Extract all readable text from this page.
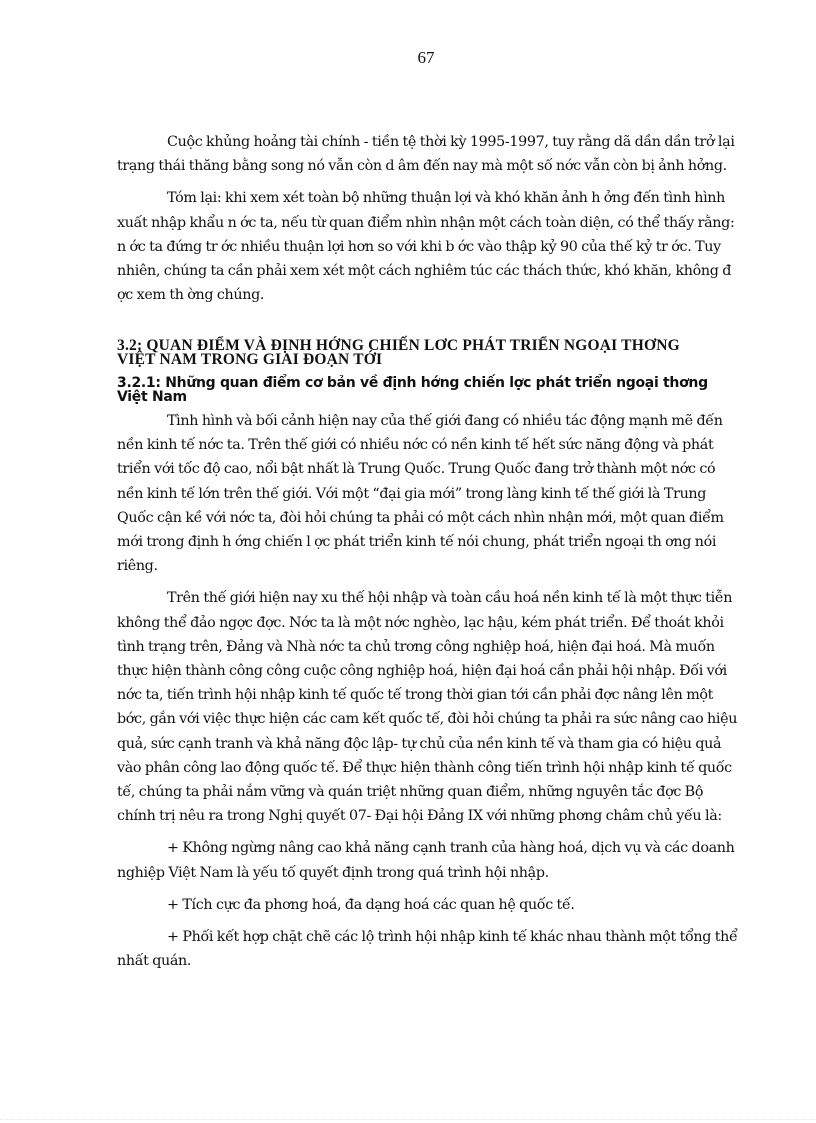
67

Cuộc khủng hoảng tài chính - tiền tệ thời kỳ 1995-1997, tuy rằng dã dần dần trở lại trạng thái thăng bằng song nó vẫn còn d âm đến nay mà một số nớc vẫn còn bị ảnh hởng.

Tóm lại: khi xem xét toàn bộ những thuận lợi và khó khăn ảnh h ởng đến tình hình xuất nhập khẩu n ớc ta, nếu từ quan điểm nhìn nhận một cách toàn diện, có thể thấy rằng: n ớc ta đứng tr ớc nhiều thuận lợi hơn so với khi b ớc vào thập kỷ 90 của thế kỷ tr ớc. Tuy nhiên, chúng ta cần phải xem xét một cách nghiêm túc các thách thức, khó khăn, không đ ợc xem th ờng chúng.

3.2: QUAN ĐIỂM VÀ ĐỊNH HỚNG CHIẾN LƠC PHÁT TRIỂN NGOẠI THƠNG VIỆT NAM TRONG GIAI ĐOẠN TỚI
3.2.1: Những quan điểm cơ bản về định hớng chiến lợc phát triển ngoại thơng Việt Nam

Tình hình và bối cảnh hiện nay của thế giới đang có nhiều tác động mạnh mẽ đến nền kinh tế nớc ta. Trên thế giới có nhiều nớc có nền kinh tế hết sức năng động và phát triển với tốc độ cao, nổi bật nhất là Trung Quốc. Trung Quốc đang trở thành một nớc có nền kinh tế lớn trên thế giới. Với một “đại gia mới” trong làng kinh tế thế giới là Trung Quốc cận kề với nớc ta, đòi hỏi chúng ta phải có một cách nhìn nhận mới, một quan điểm mới trong định h ớng chiến l ợc phát triển kinh tế nói chung, phát triển ngoại th ơng nói riêng.

Trên thế giới hiện nay xu thế hội nhập và toàn cầu hoá nền kinh tế là một thực tiễn không thể đảo ngợc đợc. Nớc ta là một nớc nghèo, lạc hậu, kém phát triển. Để thoát khỏi tình trạng trên, Đảng và Nhà nớc ta chủ trơng công nghiệp hoá, hiện đại hoá. Mà muốn thực hiện thành công công cuộc công nghiệp hoá, hiện đại hoá cần phải hội nhập. Đối với nớc ta, tiến trình hội nhập kinh tế quốc tế trong thời gian tới cần phải đợc nâng lên một bớc, gắn với việc thực hiện các cam kết quốc tế, đòi hỏi chúng ta phải ra sức nâng cao hiệu quả, sức cạnh tranh và khả năng độc lập- tự chủ của nền kinh tế và tham gia có hiệu quả vào phân công lao động quốc tế. Để thực hiện thành công tiến trình hội nhập kinh tế quốc tế, chúng ta phải nắm vững và quán triệt những quan điểm, những nguyên tắc đợc Bộ chính trị nêu ra trong Nghị quyết 07- Đại hội Đảng IX với những phơng châm chủ yếu là:

+ Không ngừng nâng cao khả năng cạnh tranh của hàng hoá, dịch vụ và các doanh nghiệp Việt Nam là yếu tố quyết định trong quá trình hội nhập.

+ Tích cực đa phơng hoá, đa dạng hoá các quan hệ quốc tế.

+ Phối kết hợp chặt chẽ các lộ trình hội nhập kinh tế khác nhau thành một tổng thể nhất quán.
